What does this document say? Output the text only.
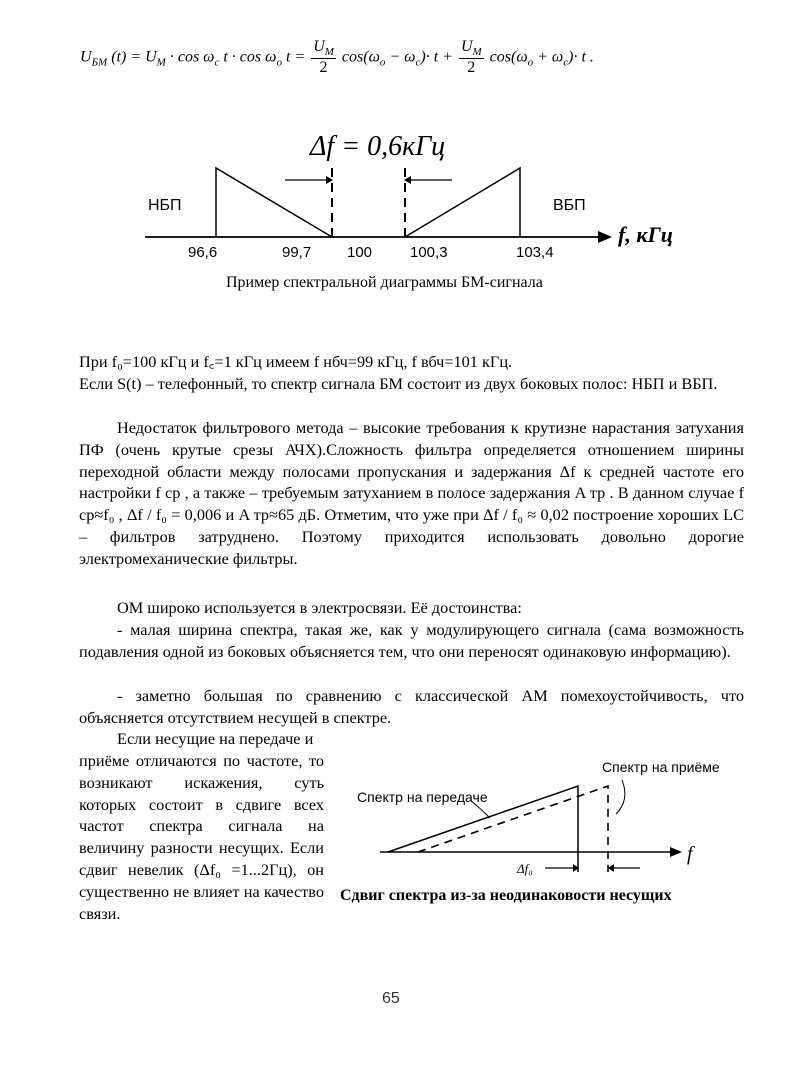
$U_{БМ}$ $(t) = U_М \cdot \cos \omega_c$ $t \cdot \cos \omega_o$ $t = \frac{U_М}{2} \cos(\omega_o - \omega_c)\cdot t + \frac{U_М}{2} \cos(\omega_o + \omega_c)\cdot t$ .
Δf = 0,6кГц
f, кГц
НБП	ВБП
96,6	99,7 100	100,3	103,4
Пример спектральной диаграммы БМ-сигнала
При f₀=100 кГц и f꜀=1 кГц имеем f нбч=99 кГц, f вбч=101 кГц.
Если S(t) – телефонный, то спектр сигнала БМ состоит из двух боковых полос: НБП и ВБП.
Недостаток фильтрового метода – высокие требования к крутизне нарастания затухания ПФ (очень крутые срезы АЧХ).Сложность фильтра определяется отношением ширины переходной области между полосами пропускания и задержания Δf к средней частоте его настройки f ср , а также – требуемым затуханием в полосе задержания A тр . В данном случае f ср≈f₀ , Δf / f₀ = 0,006 и A тр≈65 дБ. Отметим, что уже при Δf / f₀ ≈ 0,02 построение хороших LC – фильтров затруднено. Поэтому приходится использовать довольно дорогие электромеханические фильтры.
ОМ широко используется в электросвязи. Её достоинства:
- малая ширина спектра, такая же, как у модулирующего сигнала (сама возможность подавления одной из боковых объясняется тем, что они переносят одинаковую информацию).
- заметно большая по сравнению с классической АМ помехоустойчивость, что объясняется отсутствием несущей в спектре.
Если несущие на передаче и
приёме отличаются по частоте, то возникают искажения, суть которых состоит в сдвиге всех частот спектра сигнала на величину разности несущих. Если сдвиг невелик (Δf₀ =1...2Гц), он существенно не влияет на качество связи.
Спектр на приёме
Спектр на передаче
f
Δf₀
Сдвиг спектра из-за неодинаковости несущих
65
